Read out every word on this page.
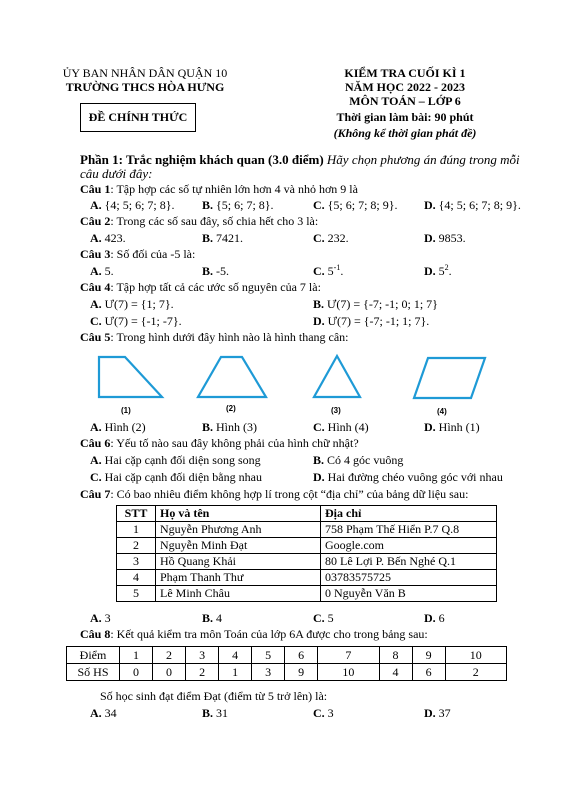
ỦY BAN NHÂN DÂN QUẬN 10
TRƯỜNG THCS HÒA HƯNG
ĐỀ CHÍNH THỨC
KIỂM TRA CUỐI KÌ 1
NĂM HỌC 2022 - 2023
MÔN TOÁN – LỚP 6
Thời gian làm bài: 90 phút
(Không kể thời gian phát đề)
Phần 1: Trắc nghiệm khách quan (3.0 điểm) Hãy chọn phương án đúng trong mỗi
câu dưới đây:
Câu 1: Tập hợp các số tự nhiên lớn hơn 4 và nhỏ hơn 9 là
A. {4; 5; 6; 7; 8}. B. {5; 6; 7; 8}.	C. {5; 6; 7; 8; 9}. D. {4; 5; 6; 7; 8; 9}.
Câu 2: Trong các số sau đây, số chia hết cho 3 là:
A. 423.	B. 7421.	C. 232.	D. 9853.
Câu 3: Số đối của -5 là:
A. 5.	B. -5.	C. $5^{-1}$.	D. $5^2$.
Câu 4: Tập hợp tất cả các ước số nguyên của 7 là:
A. Ư(7) = {1; 7}.	B. Ư(7) = {-7; -1; 0; 1; 7}
C. Ư(7) = {-1; -7}.	D. Ư(7) = {-7; -1; 1; 7}.
Câu 5: Trong hình dưới đây hình nào là hình thang cân:
(1)	(2)	(3)	(4)
A. Hình (2)	B. Hình (3)	C. Hình (4)	D. Hình (1)
Câu 6: Yếu tố nào sau đây không phải của hình chữ nhật?
A. Hai cặp cạnh đối diện song song	B. Có 4 góc vuông
C. Hai cặp cạnh đối diện bằng nhau	D. Hai đường chéo vuông góc với nhau
Câu 7: Có bao nhiêu điểm không hợp lí trong cột “địa chỉ” của bảng dữ liệu sau:
STT	Họ và tên	Địa chỉ
1	Nguyễn Phương Anh	758 Phạm Thế Hiển P.7 Q.8
2	Nguyễn Minh Đạt	Google.com
3	Hồ Quang Khải	80 Lê Lợi P. Bến Nghé Q.1
4	Phạm Thanh Thư	03783575725
5	Lê Minh Châu	0 Nguyễn Văn B
A. 3	B. 4	C. 5	D. 6
Câu 8: Kết quả kiểm tra môn Toán của lớp 6A được cho trong bảng sau:
Điểm	1	2	3	4	5	6	7	8	9	10
Số HS	0	0	2	1	3	9	10	4	6	2
Số học sinh đạt điểm Đạt (điểm từ 5 trở lên) là:
A. 34	B. 31	C. 3	D. 37
